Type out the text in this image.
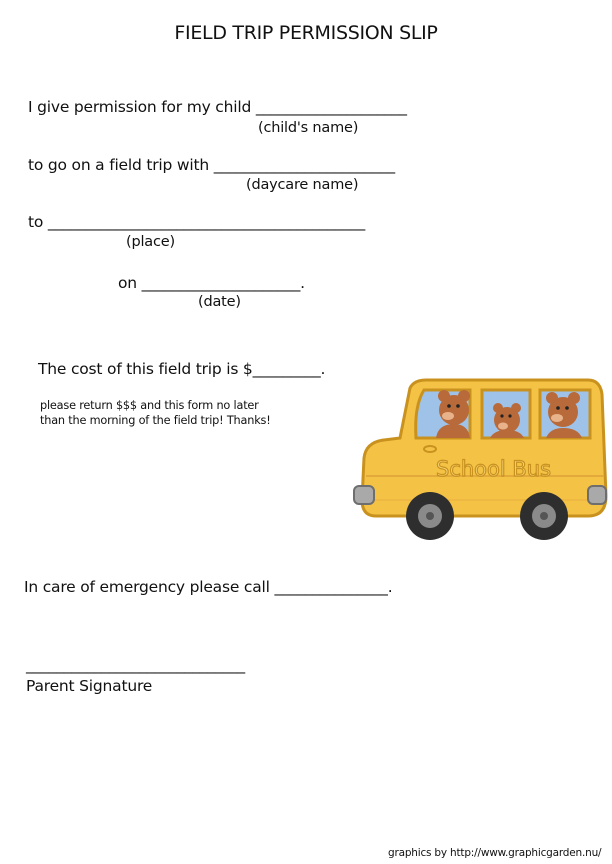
FIELD TRIP PERMISSION SLIP
I give permission for my child ____________________
(child's name)
to go on a field trip with ________________________
(daycare name)
to __________________________________________
(place)
on _____________________.
(date)
The cost of this field trip is $_________.
please return $$$ and this form no later
than the morning of the field trip! Thanks!
School Bus
In care of emergency please call _______________.
_____________________________
Parent Signature
graphics by http://www.graphicgarden.nu/
